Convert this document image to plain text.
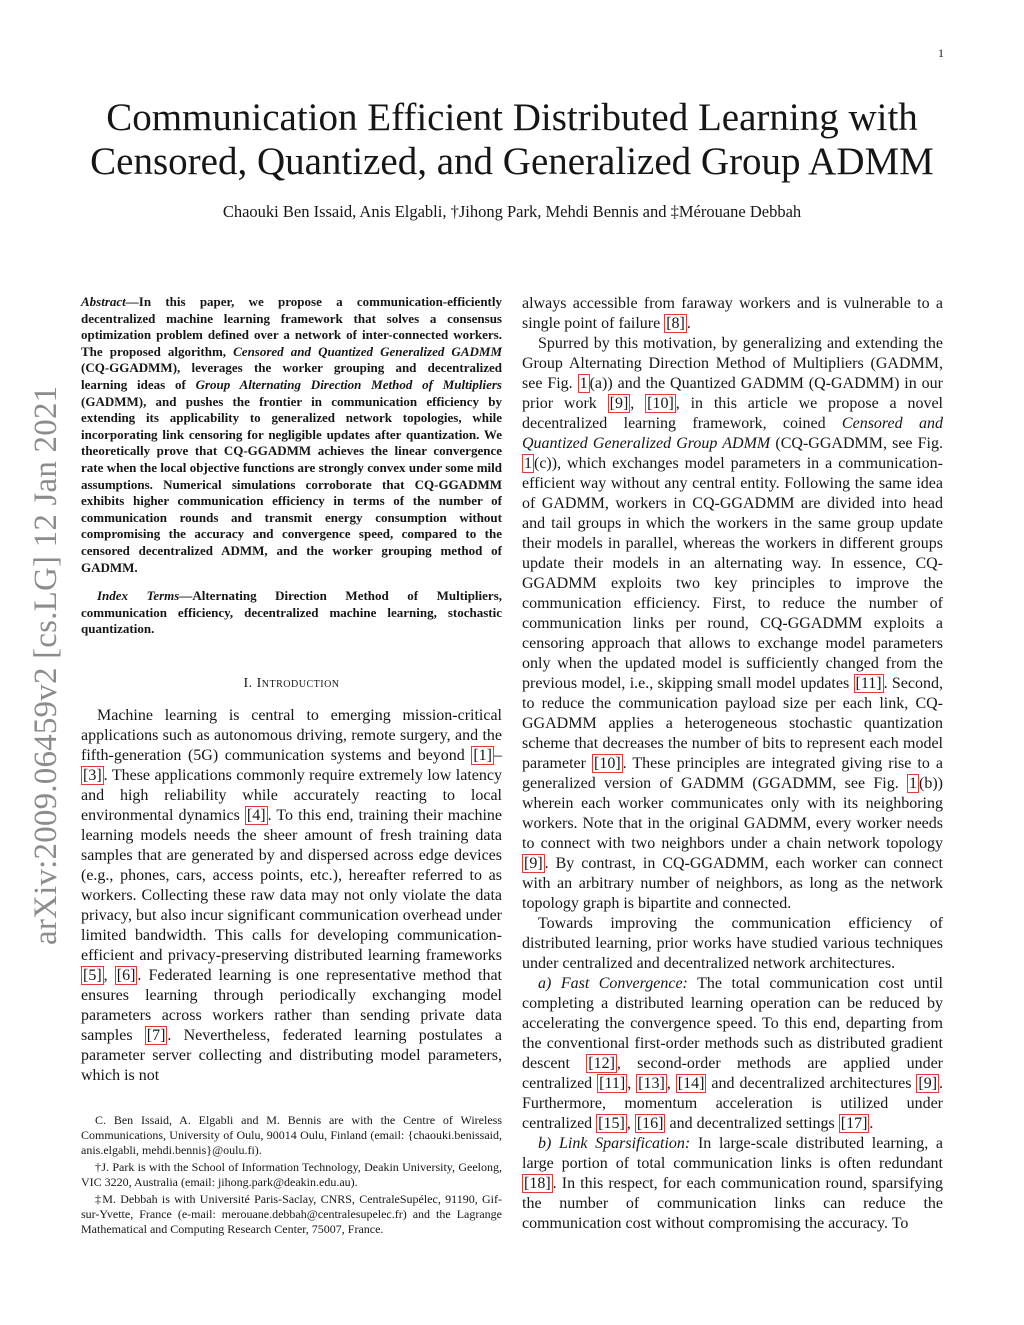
1
arXiv:2009.06459v2 [cs.LG] 12 Jan 2021
Communication Efficient Distributed Learning with
Censored, Quantized, and Generalized Group ADMM
Chaouki Ben Issaid, Anis Elgabli, †Jihong Park, Mehdi Bennis and ‡Mérouane Debbah

Abstract—In this paper, we propose a communication-efficiently decentralized machine learning framework that solves a consensus optimization problem defined over a network of inter-connected workers. The proposed algorithm, Censored and Quantized Generalized GADMM (CQ-GGADMM), leverages the worker grouping and decentralized learning ideas of Group Alternating Direction Method of Multipliers (GADMM), and pushes the frontier in communication efficiency by extending its applicability to generalized network topologies, while incorporating link censoring for negligible updates after quantization. We theoretically prove that CQ-GGADMM achieves the linear convergence rate when the local objective functions are strongly convex under some mild assumptions. Numerical simulations corroborate that CQ-GGADMM exhibits higher communication efficiency in terms of the number of communication rounds and transmit energy consumption without compromising the accuracy and convergence speed, compared to the censored decentralized ADMM, and the worker grouping method of GADMM.

Index Terms—Alternating Direction Method of Multipliers, communication efficiency, decentralized machine learning, stochastic quantization.

I. Introduction

Machine learning is central to emerging mission-critical applications such as autonomous driving, remote surgery, and the fifth-generation (5G) communication systems and beyond [1] –[3] . These applications commonly require extremely low latency and high reliability while accurately reacting to local environmental dynamics [4] . To this end, training their machine learning models needs the sheer amount of fresh training data samples that are generated by and dispersed across edge devices (e.g., phones, cars, access points, etc.), hereafter referred to as workers. Collecting these raw data may not only violate the data privacy, but also incur significant communication overhead under limited bandwidth. This calls for developing communication-efficient and privacy-preserving distributed learning frameworks [5] , [6] . Federated learning is one representative method that ensures learning through periodically exchanging model parameters across workers rather than sending private data samples [7] . Nevertheless, federated learning postulates a parameter server collecting and distributing model parameters, which is not

C. Ben Issaid, A. Elgabli and M. Bennis are with the Centre of Wireless Communications, University of Oulu, 90014 Oulu, Finland (email: {chaouki.benissaid, anis.elgabli, mehdi.bennis}@oulu.fi).

†J. Park is with the School of Information Technology, Deakin University, Geelong, VIC 3220, Australia (email: jihong.park@deakin.edu.au).

‡M. Debbah is with Université Paris-Saclay, CNRS, CentraleSupélec, 91190, Gif-sur-Yvette, France (e-mail: merouane.debbah@centralesupelec.fr) and the Lagrange Mathematical and Computing Research Center, 75007, France.

always accessible from faraway workers and is vulnerable to a single point of failure [8] .

Spurred by this motivation, by generalizing and extending the Group Alternating Direction Method of Multipliers (GADMM, see Fig. 1 (a)) and the Quantized GADMM (Q-GADMM) in our prior work [9] , [10] , in this article we propose a novel decentralized learning framework, coined Censored and Quantized Generalized Group ADMM (CQ-GGADMM, see Fig. 1 (c)), which exchanges model parameters in a communication-efficient way without any central entity. Following the same idea of GADMM, workers in CQ-GGADMM are divided into head and tail groups in which the workers in the same group update their models in parallel, whereas the workers in different groups update their models in an alternating way. In essence, CQ-GGADMM exploits two key principles to improve the communication efficiency. First, to reduce the number of communication links per round, CQ-GGADMM exploits a censoring approach that allows to exchange model parameters only when the updated model is sufficiently changed from the previous model, i.e., skipping small model updates [11] . Second, to reduce the communication payload size per each link, CQ-GGADMM applies a heterogeneous stochastic quantization scheme that decreases the number of bits to represent each model parameter [10] . These principles are integrated giving rise to a generalized version of GADMM (GGADMM, see Fig. 1 (b)) wherein each worker communicates only with its neighboring workers. Note that in the original GADMM, every worker needs to connect with two neighbors under a chain network topology [9] . By contrast, in CQ-GGADMM, each worker can connect with an arbitrary number of neighbors, as long as the network topology graph is bipartite and connected.

Towards improving the communication efficiency of distributed learning, prior works have studied various techniques under centralized and decentralized network architectures.

a) Fast Convergence: The total communication cost until completing a distributed learning operation can be reduced by accelerating the convergence speed. To this end, departing from the conventional first-order methods such as distributed gradient descent [12] , second-order methods are applied under centralized [11] , [13] , [14] and decentralized architectures [9] . Furthermore, momentum acceleration is utilized under centralized [15] , [16] and decentralized settings [17] .

b) Link Sparsification: In large-scale distributed learning, a large portion of total communication links is often redundant [18] . In this respect, for each communication round, sparsifying the number of communication links can reduce the communication cost without compromising the accuracy. To
